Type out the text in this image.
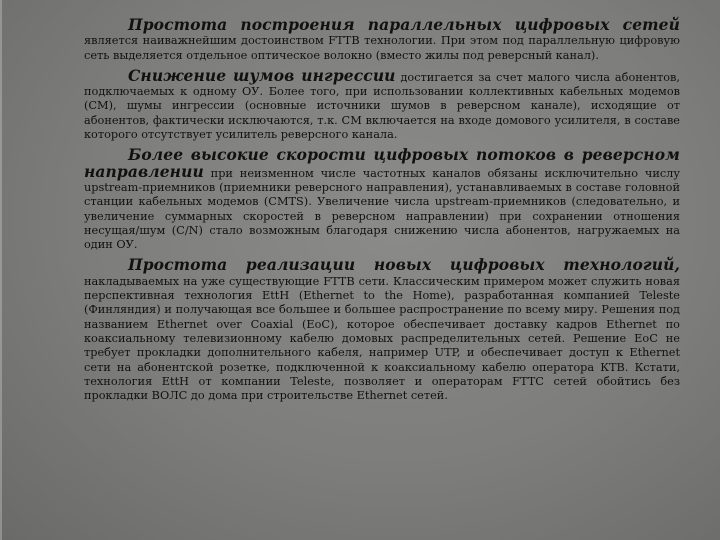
Простота построения параллельных цифровых сетей является наиважнейшим достоинством FTTB технологии. При этом под параллельную цифровую сеть выделяется отдельное оптическое волокно (вместо жилы под реверсный канал).

Снижение шумов ингрессии достигается за счет малого числа абонентов, подключаемых к одному ОУ. Более того, при использовании коллективных кабельных модемов (СМ), шумы ингрессии (основные источники шумов в реверсном канале), исходящие от абонентов, фактически исключаются, т.к. СМ включается на входе домового усилителя, в составе которого отсутствует усилитель реверсного канала.

Более высокие скорости цифровых потоков в реверсном направлении при неизменном числе частотных каналов обязаны исключительно числу upstream-приемников (приемники реверсного направления), устанавливаемых в составе головной станции кабельных модемов (CMTS). Увеличение числа upstream-приемников (следовательно, и увеличение суммарных скоростей в реверсном направлении) при сохранении отношения несущая/шум (C/N) стало возможным благодаря снижению числа абонентов, нагружаемых на один ОУ.

Простота реализации новых цифровых технологий, накладываемых на уже существующие FTTB сети. Классическим примером может служить новая перспективная технология EttH (Ethernet to the Home), разработанная компанией Teleste (Финляндия) и получающая все большее и большее распространение по всему миру. Решения под названием Ethernet over Coaxial (EoC), которое обеспечивает доставку кадров Ethernet по коаксиальному телевизионному кабелю домовых распределительных сетей. Решение EoC не требует прокладки дополнительного кабеля, например UTP, и обеспечивает доступ к Ethernet сети на абонентской розетке, подключенной к коаксиальному кабелю оператора КТВ. Кстати, технология EttH от компании Teleste, позволяет и операторам FTTC сетей обойтись без прокладки ВОЛС до дома при строительстве Ethernet сетей.
